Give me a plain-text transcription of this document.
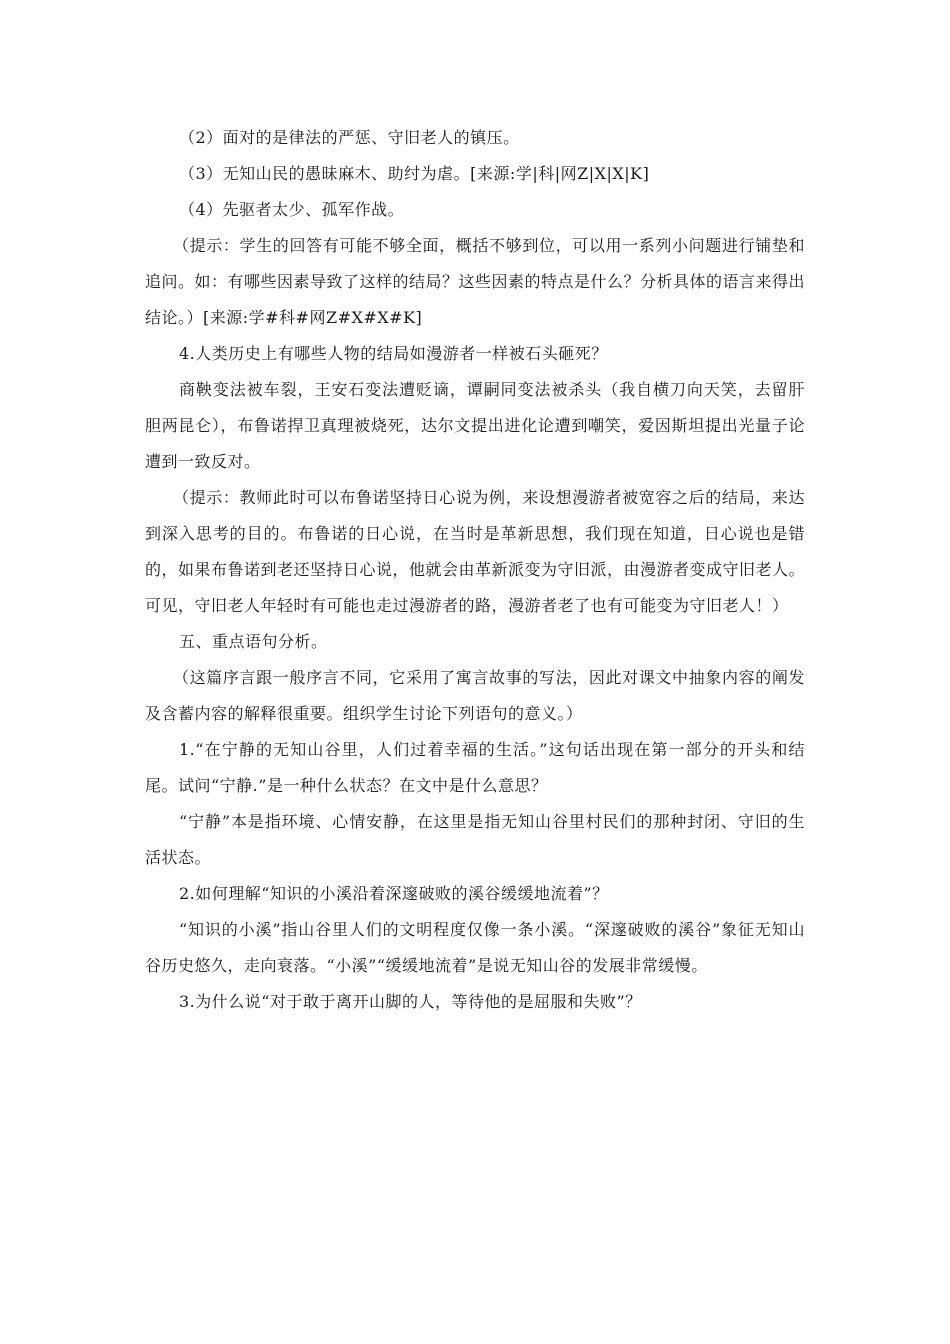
（2）面对的是律法的严惩、守旧老人的镇压。

（3）无知山民的愚昧麻木、助纣为虐。[来源:学|科|网Z|X|X|K]

（4）先驱者太少、孤军作战。

（提示：学生的回答有可能不够全面，概括不够到位，可以用一系列小问题进行铺垫和追问。如：有哪些因素导致了这样的结局？这些因素的特点是什么？分析具体的语言来得出结论。）[来源:学#科#网Z#X#X#K]

4.人类历史上有哪些人物的结局如漫游者一样被石头砸死？

商鞅变法被车裂，王安石变法遭贬谪，谭嗣同变法被杀头（我自横刀向天笑，去留肝胆两昆仑），布鲁诺捍卫真理被烧死，达尔文提出进化论遭到嘲笑，爱因斯坦提出光量子论遭到一致反对。

（提示：教师此时可以布鲁诺坚持日心说为例，来设想漫游者被宽容之后的结局，来达到深入思考的目的。布鲁诺的日心说，在当时是革新思想，我们现在知道，日心说也是错的，如果布鲁诺到老还坚持日心说，他就会由革新派变为守旧派，由漫游者变成守旧老人。可见，守旧老人年轻时有可能也走过漫游者的路，漫游者老了也有可能变为守旧老人！）

五、重点语句分析。

（这篇序言跟一般序言不同，它采用了寓言故事的写法，因此对课文中抽象内容的阐发及含蓄内容的解释很重要。组织学生讨论下列语句的意义。）

1.“在宁静的无知山谷里，人们过着幸福的生活。”这句话出现在第一部分的开头和结尾。试问“宁静.”是一种什么状态？在文中是什么意思？

“宁静”本是指环境、心情安静，在这里是指无知山谷里村民们的那种封闭、守旧的生活状态。

2.如何理解“知识的小溪沿着深邃破败的溪谷缓缓地流着”？

“知识的小溪”指山谷里人们的文明程度仅像一条小溪。“深邃破败的溪谷”象征无知山谷历史悠久，走向衰落。“小溪”“缓缓地流着”是说无知山谷的发展非常缓慢。

3.为什么说“对于敢于离开山脚的人，等待他的是屈服和失败”？
